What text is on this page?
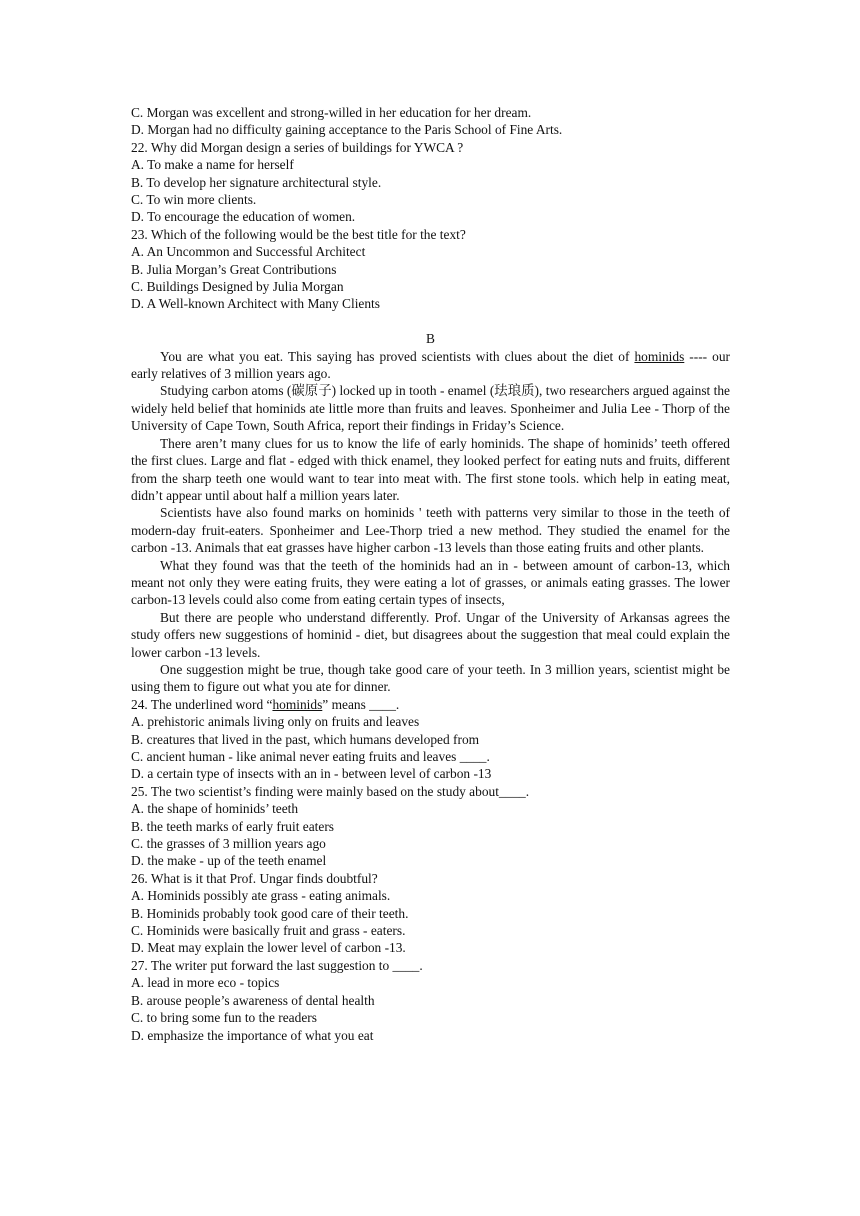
C. Morgan was excellent and strong-willed in her education for her dream.
D. Morgan had no difficulty gaining acceptance to the Paris School of Fine Arts.
22. Why did Morgan design a series of buildings for YWCA ?
A. To make a name for herself
B. To develop her signature architectural style.
C. To win more clients.
D. To encourage the education of women.
23. Which of the following would be the best title for the text?
A. An Uncommon and Successful Architect
B. Julia Morgan’s Great Contributions
C. Buildings Designed by Julia Morgan
D. A Well-known Architect with Many Clients
B
You are what you eat. This saying has proved scientists with clues about the diet of hominids ---- our early relatives of 3 million years ago.
Studying carbon atoms (碳原子) locked up in tooth - enamel (珐琅质), two researchers argued against the widely held belief that hominids ate little more than fruits and leaves. Sponheimer and Julia Lee - Thorp of the University of Cape Town, South Africa, report their findings in Friday’s Science.
There aren’t many clues for us to know the life of early hominids. The shape of hominids’ teeth offered the first clues. Large and flat - edged with thick enamel, they looked perfect for eating nuts and fruits, different from the sharp teeth one would want to tear into meat with. The first stone tools. which help in eating meat, didn’t appear until about half a million years later.
Scientists have also found marks on hominids ' teeth with patterns very similar to those in the teeth of modern-day fruit-eaters. Sponheimer and Lee-Thorp tried a new method. They studied the enamel for the carbon -13. Animals that eat grasses have higher carbon -13 levels than those eating fruits and other plants.
What they found was that the teeth of the hominids had an in - between amount of carbon-13, which meant not only they were eating fruits, they were eating a lot of grasses, or animals eating grasses. The lower carbon-13 levels could also come from eating certain types of insects,
But there are people who understand differently. Prof. Ungar of the University of Arkansas agrees the study offers new suggestions of hominid - diet, but disagrees about the suggestion that meal could explain the lower carbon -13 levels.
One suggestion might be true, though take good care of your teeth. In 3 million years, scientist might be using them to figure out what you ate for dinner.
24. The underlined word “hominids” means ____.
A. prehistoric animals living only on fruits and leaves
B. creatures that lived in the past, which humans developed from
C. ancient human - like animal never eating fruits and leaves ____.
D. a certain type of insects with an in - between level of carbon -13
25. The two scientist’s finding were mainly based on the study about____.
A. the shape of hominids’ teeth
B. the teeth marks of early fruit eaters
C. the grasses of 3 million years ago
D. the make - up of the teeth enamel
26. What is it that Prof. Ungar finds doubtful?
A. Hominids possibly ate grass - eating animals.
B. Hominids probably took good care of their teeth.
C. Hominids were basically fruit and grass - eaters.
D. Meat may explain the lower level of carbon -13.
27. The writer put forward the last suggestion to ____.
A. lead in more eco - topics
B. arouse people’s awareness of dental health
C. to bring some fun to the readers
D. emphasize the importance of what you eat
